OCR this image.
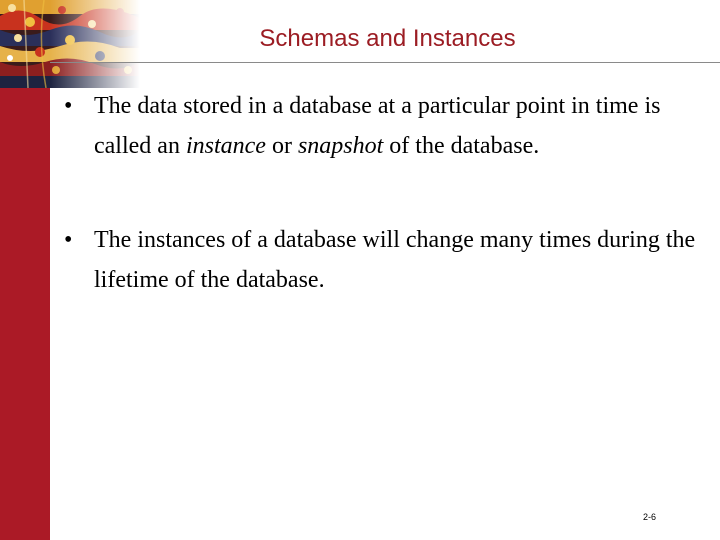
Schemas and Instances
• The data stored in a database at a particular point in time is called an instance or snapshot of the database.
• The instances of a database will change many times during the lifetime of the database.
2-6
